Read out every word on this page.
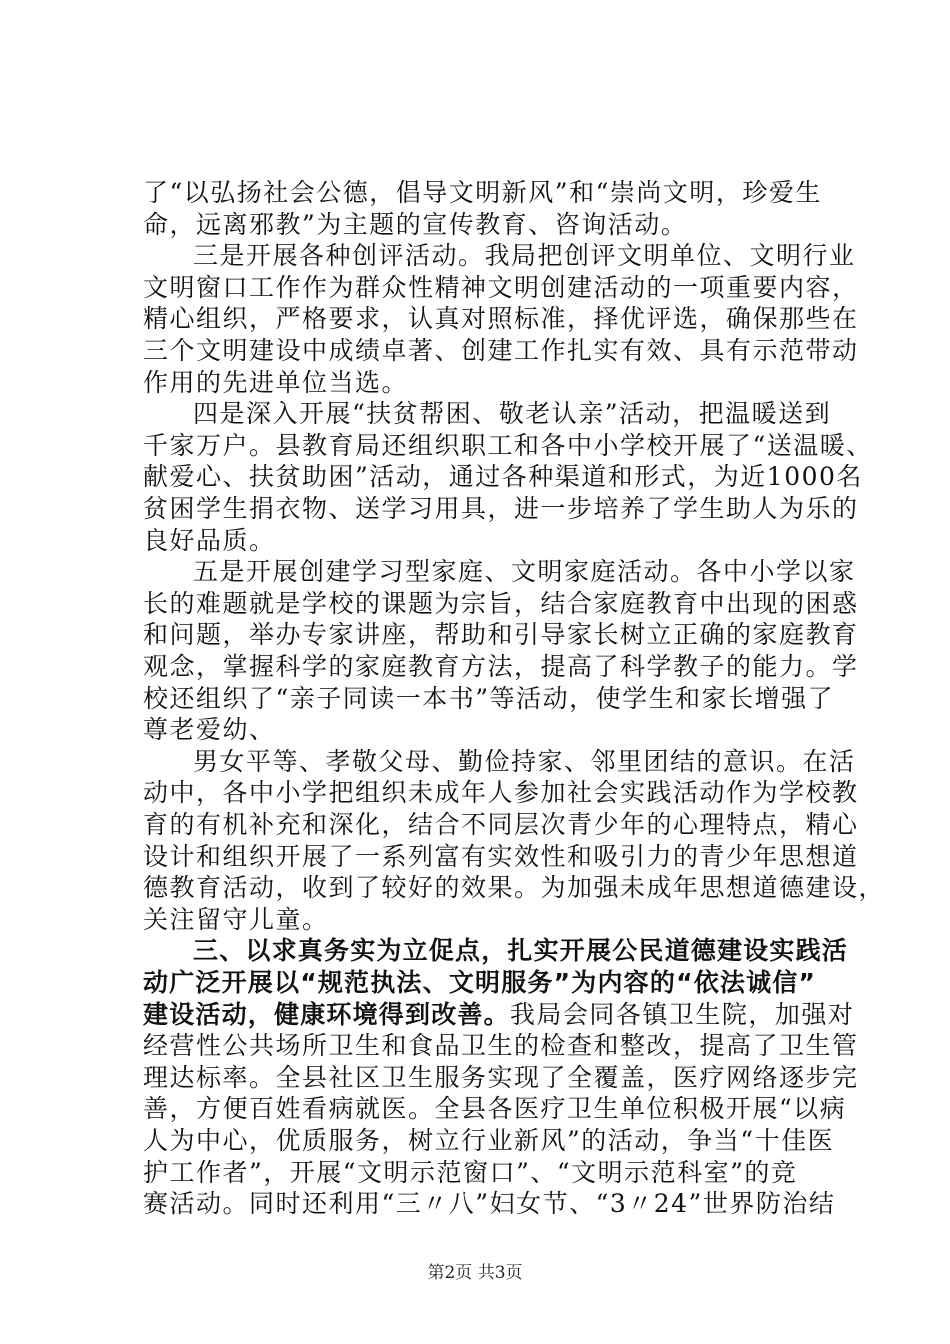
了“以弘扬社会公德，倡导文明新风”和“崇尚文明，珍爱生
命，远离邪教”为主题的宣传教育、咨询活动。
三是开展各种创评活动。我局把创评文明单位、文明行业
文明窗口工作作为群众性精神文明创建活动的一项重要内容，
精心组织，严格要求，认真对照标准，择优评选，确保那些在
三个文明建设中成绩卓著、创建工作扎实有效、具有示范带动
作用的先进单位当选。
四是深入开展“扶贫帮困、敬老认亲”活动，把温暖送到
千家万户。县教育局还组织职工和各中小学校开展了“送温暖、
献爱心、扶贫助困”活动，通过各种渠道和形式，为近1000名
贫困学生捐衣物、送学习用具，进一步培养了学生助人为乐的
良好品质。
五是开展创建学习型家庭、文明家庭活动。各中小学以家
长的难题就是学校的课题为宗旨，结合家庭教育中出现的困惑
和问题，举办专家讲座，帮助和引导家长树立正确的家庭教育
观念，掌握科学的家庭教育方法，提高了科学教子的能力。学
校还组织了“亲子同读一本书”等活动，使学生和家长增强了
尊老爱幼、
男女平等、孝敬父母、勤俭持家、邻里团结的意识。在活
动中，各中小学把组织未成年人参加社会实践活动作为学校教
育的有机补充和深化，结合不同层次青少年的心理特点，精心
设计和组织开展了一系列富有实效性和吸引力的青少年思想道
德教育活动，收到了较好的效果。为加强未成年思想道德建设，
关注留守儿童。
三、以求真务实为立促点，扎实开展公民道德建设实践活
动广泛开展以“规范执法、文明服务”为内容的“依法诚信”
建设活动，健康环境得到改善。我局会同各镇卫生院，加强对
经营性公共场所卫生和食品卫生的检查和整改，提高了卫生管
理达标率。全县社区卫生服务实现了全覆盖，医疗网络逐步完
善，方便百姓看病就医。全县各医疗卫生单位积极开展“以病
人为中心，优质服务，树立行业新风”的活动，争当“十佳医
护工作者”，开展“文明示范窗口”、“文明示范科室”的竞
赛活动。同时还利用“三〃八”妇女节、“3〃24”世界防治结
第2页 共3页
